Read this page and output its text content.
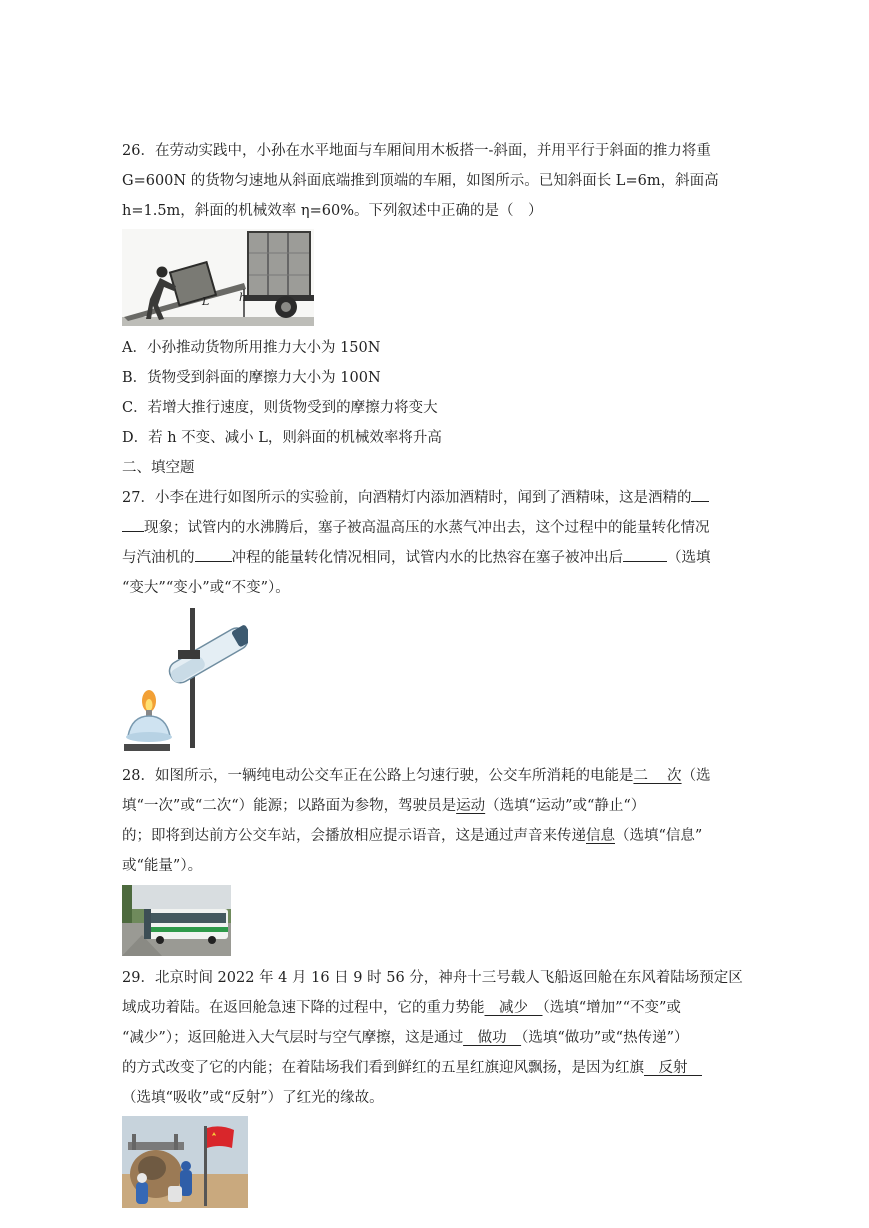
26．在劳动实践中，小孙在水平地面与车厢间用木板搭一-斜面，并用平行于斜面的推力将重
G=600N 的货物匀速地从斜面底端推到顶端的车厢，如图所示。已知斜面长 L=6m，斜面高
h=1.5m，斜面的机械效率 η=60%。下列叙述中正确的是（　）
L	h
A．小孙推动货物所用推力大小为 150N
B．货物受到斜面的摩擦力大小为 100N
C．若增大推行速度，则货物受到的摩擦力将变大
D．若 h 不变、减小 L，则斜面的机械效率将升高
二、填空题
27．小李在进行如图所示的实验前，向酒精灯内添加酒精时，闻到了酒精味，这是酒精的
现象；试管内的水沸腾后，塞子被高温高压的水蒸气冲出去，这个过程中的能量转化情况
与汽油机的	冲程的能量转化情况相同，试管内水的比热容在塞子被冲出后	（选填
“变大”“变小”或“不变”）。
28．如图所示，一辆纯电动公交车正在公路上匀速行驶，公交车所消耗的电能是二　 次（选
填“一次”或“二次“）能源；以路面为参物，驾驶员是运动（选填“运动”或“静止“）
的；即将到达前方公交车站，会播放相应提示语音，这是通过声音来传递信息（选填“信息”
或“能量”）。
29．北京时间 2022 年 4 月 16 日 9 时 56 分，神舟十三号载人飞船返回舱在东风着陆场预定区
域成功着陆。在返回舱急速下降的过程中，它的重力势能　减少　（选填“增加”“不变”或
“减少”）；返回舱进入大气层时与空气摩擦，这是通过　做功　（选填“做功”或“热传递”）
的方式改变了它的内能；在着陆场我们看到鲜红的五星红旗迎风飘扬，是因为红旗　反射　
（选填“吸收”或“反射”）了红光的缘故。
